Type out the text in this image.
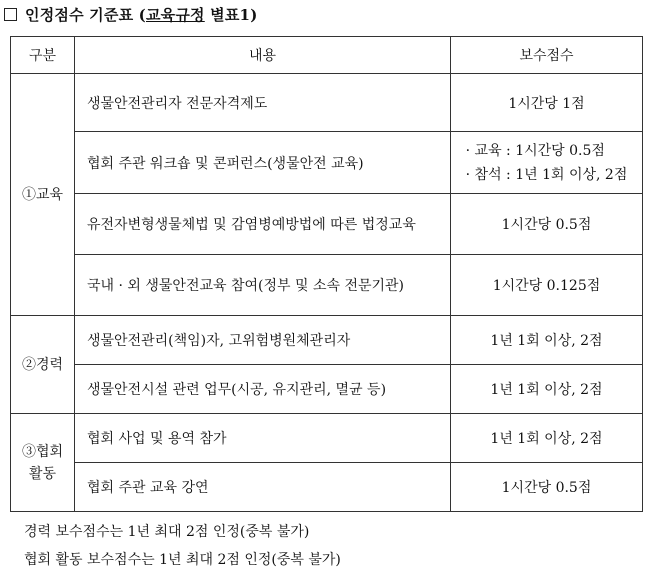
인정점수 기준표 (교육규정 별표1)
구분	내용	보수점수
①교육	생물안전관리자 전문자격제도	1시간당 1점
	협회 주관 워크숍 및 콘퍼런스(생물안전 교육)	· 교육 : 1시간당 0.5점
· 참석 : 1년 1회 이상, 2점

	유전자변형생물체법 및 감염병예방법에 따른 법정교육	1시간당 0.5점
	국내 · 외 생물안전교육 참여(정부 및 소속 전문기관)	1시간당 0.125점
②경력	생물안전관리(책임)자, 고위험병원체관리자	1년 1회 이상, 2점
	생물안전시설 관련 업무(시공, 유지관리, 멸균 등)	1년 1회 이상, 2점

③협회
활동	협회 사업 및 용역 참가	1년 1회 이상, 2점
	협회 주관 교육 강연	1시간당 0.5점
경력 보수점수는 1년 최대 2점 인정(중복 불가)
협회 활동 보수점수는 1년 최대 2점 인정(중복 불가)
